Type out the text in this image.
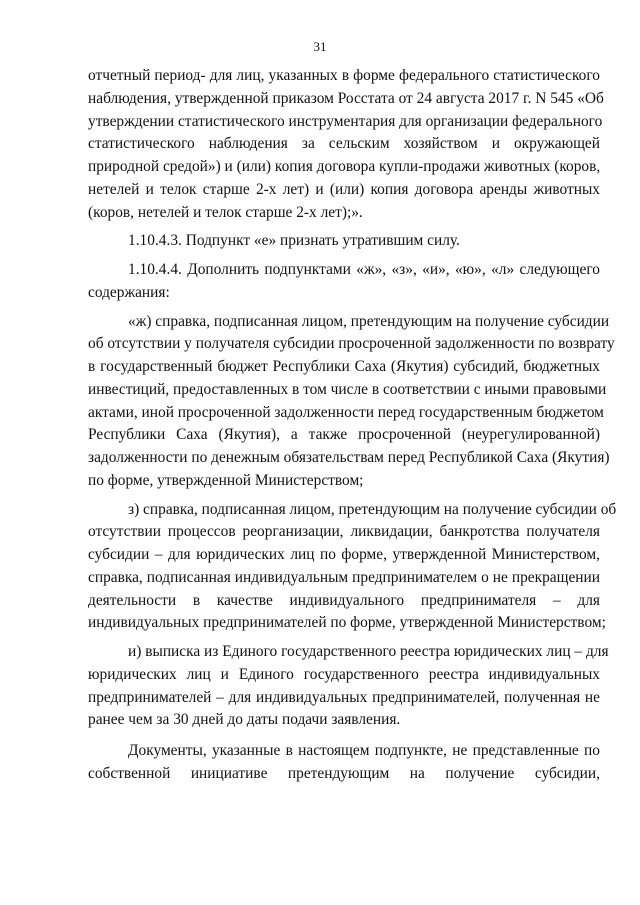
31
отчетный период- для лиц, указанных в форме федерального статистического
наблюдения, утвержденной приказом Росстата от 24 августа 2017 г. N 545 «Об
утверждении статистического инструментария для организации федерального
статистического наблюдения за сельским хозяйством и окружающей
природной средой») и (или) копия договора купли-продажи животных (коров,
нетелей и телок старше 2-х лет) и (или) копия договора аренды животных
(коров, нетелей и телок старше 2-х лет);».
1.10.4.3. Подпункт «е» признать утратившим силу.
1.10.4.4. Дополнить подпунктами «ж», «з», «и», «ю», «л» следующего
содержания:
«ж) справка, подписанная лицом, претендующим на получение субсидии
об отсутствии у получателя субсидии просроченной задолженности по возврату
в государственный бюджет Республики Саха (Якутия) субсидий, бюджетных
инвестиций, предоставленных в том числе в соответствии с иными правовыми
актами, иной просроченной задолженности перед государственным бюджетом
Республики Саха (Якутия), а также просроченной (неурегулированной)
задолженности по денежным обязательствам перед Республикой Саха (Якутия)
по форме, утвержденной Министерством;
з) справка, подписанная лицом, претендующим на получение субсидии об
отсутствии процессов реорганизации, ликвидации, банкротства получателя
субсидии – для юридических лиц по форме, утвержденной Министерством,
справка, подписанная индивидуальным предпринимателем о не прекращении
деятельности в качестве индивидуального предпринимателя – для
индивидуальных предпринимателей по форме, утвержденной Министерством;
и) выписка из Единого государственного реестра юридических лиц – для
юридических лиц и Единого государственного реестра индивидуальных
предпринимателей – для индивидуальных предпринимателей, полученная не
ранее чем за 30 дней до даты подачи заявления.
Документы, указанные в настоящем подпункте, не представленные по
собственной инициативе претендующим на получение субсидии,
